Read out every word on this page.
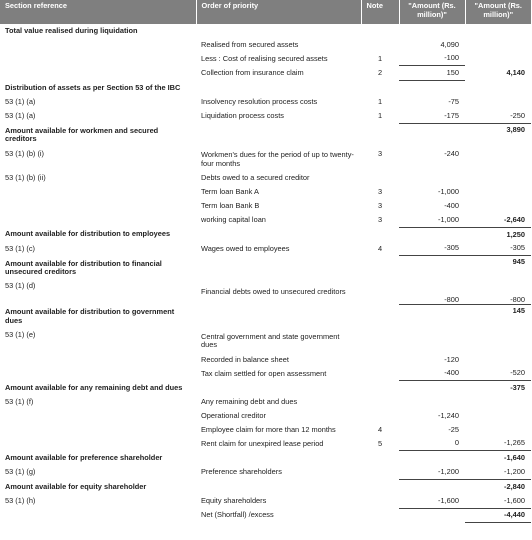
Section reference	Order of priority	Note	"Amount (Rs. million)"	"Amount (Rs. million)"
Total value realised during liquidation				
	Realised from secured assets		4,090	
	Less : Cost of realising secured assets	1	-100	
	Collection from insurance claim	2	150	4,140
Distribution of assets as per Section 53 of the IBC				
53 (1) (a)	Insolvency resolution process costs	1	-75	
53 (1) (a)	Liquidation process costs	1	-175	-250
Amount available for workmen and secured creditors				3,890
53 (1) (b) (i)	Workmen's dues for the period of up to twenty-four months	3	-240	
53 (1) (b) (ii)	Debts owed to a secured creditor			
	Term loan Bank A	3	-1,000	
	Term loan Bank B	3	-400	
	working capital loan	3	-1,000	-2,640
Amount available for distribution to employees				1,250
53 (1) (c)	Wages owed to employees	4	-305	-305
Amount available for distribution to financial unsecured creditors				945
53 (1) (d)	Financial debts owed to unsecured creditors		-800	-800
Amount available for distribution to government dues				145
53 (1) (e)	Central government and state government dues			
	Recorded in balance sheet		-120	
	Tax claim settled for open assessment		-400	-520
Amount available for any remaining debt and dues				-375
53 (1) (f)	Any remaining debt and dues			
	Operational creditor		-1,240	
	Employee claim for more than 12 months	4	-25	
	Rent claim for unexpired lease period	5	0	-1,265
Amount available for preference shareholder				-1,640
53 (1) (g)	Preference shareholders		-1,200	-1,200
Amount available for equity shareholder				-2,840
53 (1) (h)	Equity shareholders		-1,600	-1,600
	Net (Shortfall) /excess			-4,440
